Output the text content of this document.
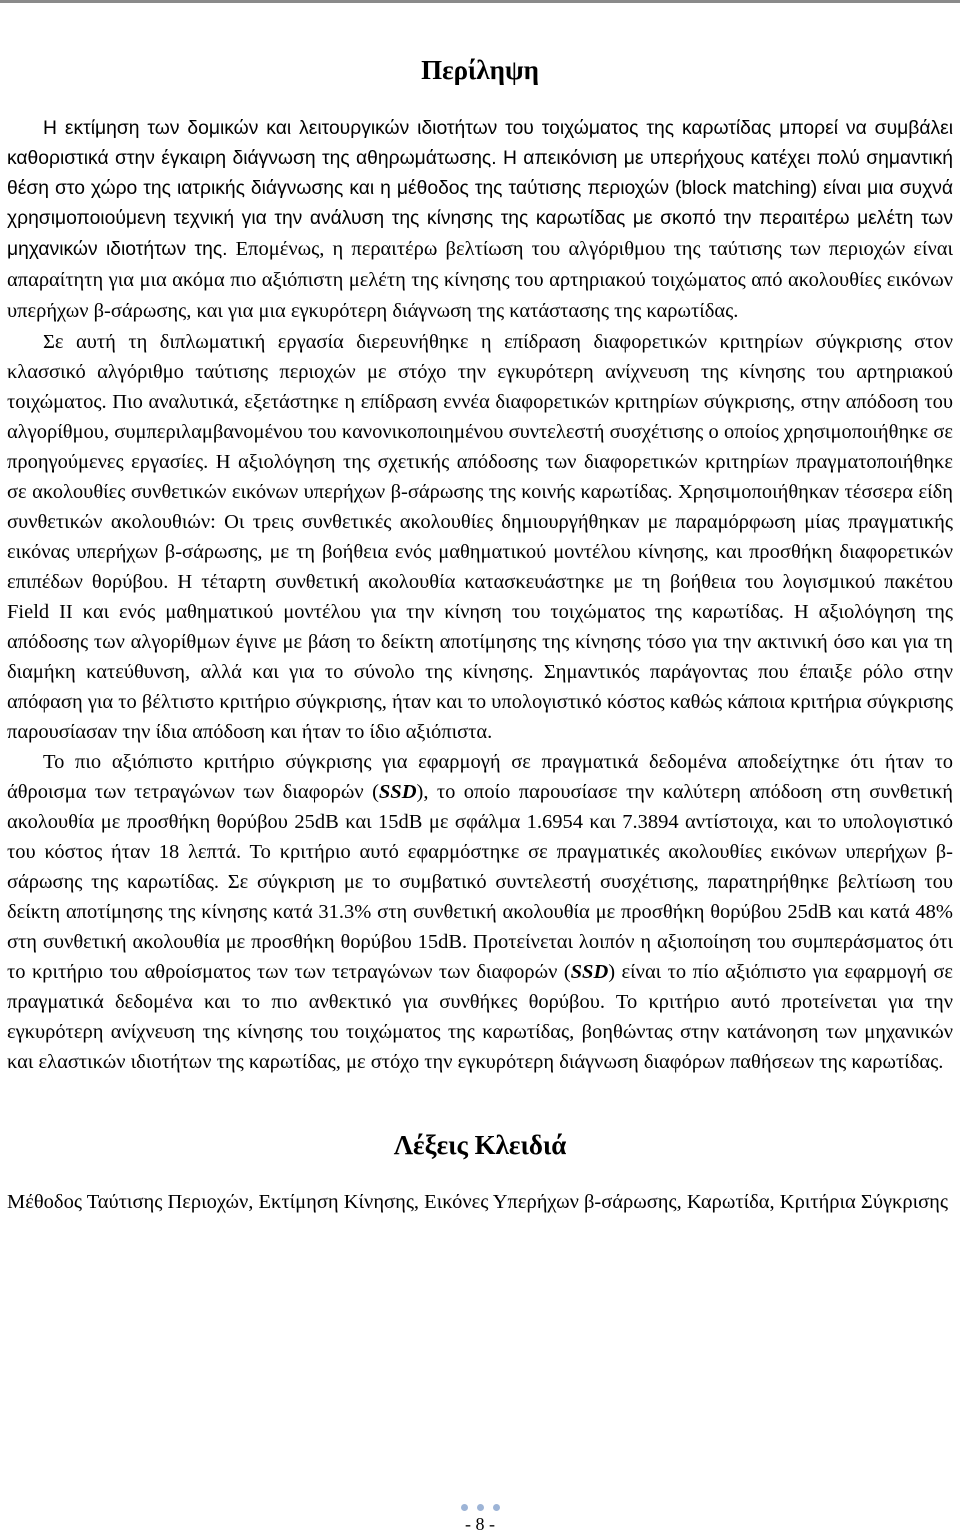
Περίληψη

Η εκτίμηση των δομικών και λειτουργικών ιδιοτήτων του τοιχώματος της καρωτίδας μπορεί να συμβάλει καθοριστικά στην έγκαιρη διάγνωση της αθηρωμάτωσης. Η απεικόνιση με υπερήχους κατέχει πολύ σημαντική θέση στο χώρο της ιατρικής διάγνωσης και η μέθοδος της ταύτισης περιοχών (block matching) είναι μια συχνά χρησιμοποιούμενη τεχνική για την ανάλυση της κίνησης της καρωτίδας με σκοπό την περαιτέρω μελέτη των μηχανικών ιδιοτήτων της. Επομένως, η περαιτέρω βελτίωση του αλγόριθμου της ταύτισης των περιοχών είναι απαραίτητη για μια ακόμα πιο αξιόπιστη μελέτη της κίνησης του αρτηριακού τοιχώματος από ακολουθίες εικόνων υπερήχων β-σάρωσης, και για μια εγκυρότερη διάγνωση της κατάστασης της καρωτίδας.

Σε αυτή τη διπλωματική εργασία διερευνήθηκε η επίδραση διαφορετικών κριτηρίων σύγκρισης στον κλασσικό αλγόριθμο ταύτισης περιοχών με στόχο την εγκυρότερη ανίχνευση της κίνησης του αρτηριακού τοιχώματος. Πιο αναλυτικά, εξετάστηκε η επίδραση εννέα διαφορετικών κριτηρίων σύγκρισης, στην απόδοση του αλγορίθμου, συμπεριλαμβανομένου του κανονικοποιημένου συντελεστή συσχέτισης ο οποίος χρησιμοποιήθηκε σε προηγούμενες εργασίες. Η αξιολόγηση της σχετικής απόδοσης των διαφορετικών κριτηρίων πραγματοποιήθηκε σε ακολουθίες συνθετικών εικόνων υπερήχων β-σάρωσης της κοινής καρωτίδας. Χρησιμοποιήθηκαν τέσσερα είδη συνθετικών ακολουθιών: Οι τρεις συνθετικές ακολουθίες δημιουργήθηκαν με παραμόρφωση μίας πραγματικής εικόνας υπερήχων β-σάρωσης, με τη βοήθεια ενός μαθηματικού μοντέλου κίνησης, και προσθήκη διαφορετικών επιπέδων θορύβου. Η τέταρτη συνθετική ακολουθία κατασκευάστηκε με τη βοήθεια του λογισμικού πακέτου Field II και ενός μαθηματικού μοντέλου για την κίνηση του τοιχώματος της καρωτίδας. Η αξιολόγηση της απόδοσης των αλγορίθμων έγινε με βάση το δείκτη αποτίμησης της κίνησης τόσο για την ακτινική όσο και για τη διαμήκη κατεύθυνση, αλλά και για το σύνολο της κίνησης. Σημαντικός παράγοντας που έπαιξε ρόλο στην απόφαση για το βέλτιστο κριτήριο σύγκρισης, ήταν και το υπολογιστικό κόστος καθώς κάποια κριτήρια σύγκρισης παρουσίασαν την ίδια απόδοση και ήταν το ίδιο αξιόπιστα.

Το πιο αξιόπιστο κριτήριο σύγκρισης για εφαρμογή σε πραγματικά δεδομένα αποδείχτηκε ότι ήταν το άθροισμα των τετραγώνων των διαφορών (SSD), το οποίο παρουσίασε την καλύτερη απόδοση στη συνθετική ακολουθία με προσθήκη θορύβου 25dB και 15dB με σφάλμα 1.6954 και 7.3894 αντίστοιχα, και το υπολογιστικό του κόστος ήταν 18 λεπτά. Το κριτήριο αυτό εφαρμόστηκε σε πραγματικές ακολουθίες εικόνων υπερήχων β-σάρωσης της καρωτίδας. Σε σύγκριση με το συμβατικό συντελεστή συσχέτισης, παρατηρήθηκε βελτίωση του δείκτη αποτίμησης της κίνησης κατά 31.3% στη συνθετική ακολουθία με προσθήκη θορύβου 25dB και κατά 48% στη συνθετική ακολουθία με προσθήκη θορύβου 15dB. Προτείνεται λοιπόν η αξιοποίηση του συμπεράσματος ότι το κριτήριο του αθροίσματος των των τετραγώνων των διαφορών (SSD) είναι το πίο αξιόπιστο για εφαρμογή σε πραγματικά δεδομένα και το πιο ανθεκτικό για συνθήκες θορύβου. Το κριτήριο αυτό προτείνεται για την εγκυρότερη ανίχνευση της κίνησης του τοιχώματος της καρωτίδας, βοηθώντας στην κατάνοηση των μηχανικών και ελαστικών ιδιοτήτων της καρωτίδας, με στόχο την εγκυρότερη διάγνωση διαφόρων παθήσεων της καρωτίδας.

Λέξεις Κλειδιά

Μέθοδος Ταύτισης Περιοχών, Εκτίμηση Κίνησης, Εικόνες Υπερήχων β-σάρωσης, Καρωτίδα, Κριτήρια Σύγκρισης

- 8 -
